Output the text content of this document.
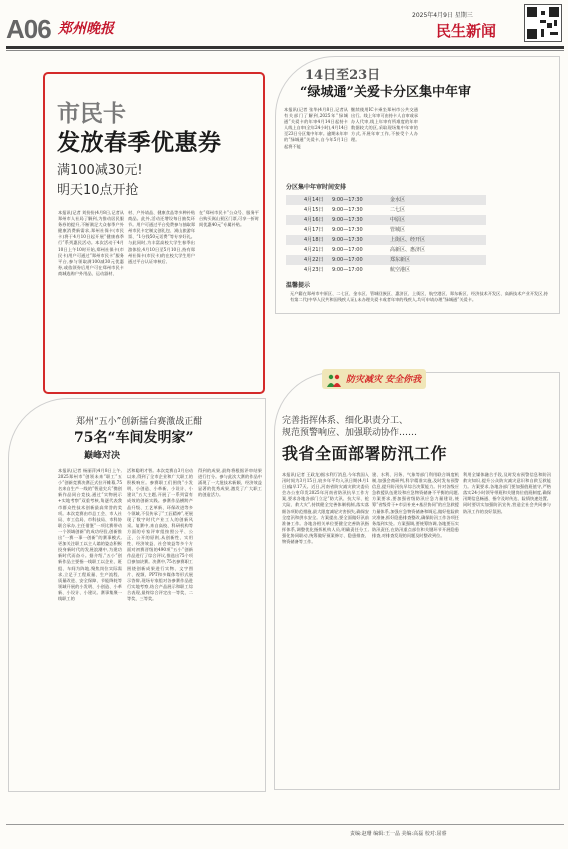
A06 郑州晚报
2025年4月9日 星期三
民生新闻
市民卡
发放春季优惠券
满100减30元!
明天10点开抢
本报讯(记者 刘扮扮)4月8日,记者从郑州市人社局了解到,为推动居民服务券的提升,不断满足大众春季户外健康消费新需求,郑州社保卡(市民卡)将于4月10日起开展“健康春季行”系列惠民活动。本次活动于4月10日上午10时开始,郑州社保卡(市民卡)用户可通过“郑州市民卡”服务平台,参与领取满100减30元优惠券,或依领券后用户可在郑州市民卡商城选购户外用品、运动器材、
材、户外请品、健康食品等多种补贴商品。此外,活动还增设每日抽奖环节。用户可通过平台免费参与抽取郑州市民卡定制文创礼包、嵩山旅游年票、“1分钱50元话费”等专享好礼。与此同时,为丰富高校大学生春季出游体验,4月10日至5月10日,持有郑州社保卡(市民卡)的在校大学生用户通过平台认证审核后,
在“郑州市民卡”公众号、服务平台购买嵩山景区门票,可享一折时间优惠40元”专属补贴。
14日至23日
“绿城通”关爱卡分区集中年审
本报讯(记者 张华)4月8日,记者从有关部门了解到,2025年“绿城通”关爱卡的年审4月14日起持卡人线上自审(全年24小时),4月14日至23日分区集中年审。逾期未年审的“绿城通”关爱卡,自今年5月1日起将不能
继续使用IC卡乘坐郑州市公共交通出行。线上年审可由持卡人自审或承办人代审,线上年审有所难度的年审数据较大的区,采取现场集中年审的方式,开展年审工作,不接受个人办理。
分区集中年审时间安排
4月14日	9:00—17:30	金水区
4月15日	9:00—17:30	二七区
4月16日	9:00—17:30	中原区
4月17日	9:00—17:30	管城区
4月18日	9:00—17:30	上街区、经开区
4月21日	9:00—17:00	高新区、惠济区
4月22日	9:00—17:00	郑东新区
4月23日	9:00—17:00	航空港区
温馨提示
无户籍在郑州市中原区、二七区、金水区、管城回族区、惠济区、上街区、航空港区、郑东新区、经济技术开发区、高新技术产业开发区,持有第二代(中华人民共和国残疾人证),未办理关爱卡或者年审的残疾人,均可申请办理“绿城通”关爱卡。
郑州“五小”创新擂台赛激战正酣
75名“车间发明家”
巅峰对决
本报讯(记者 杨丽萍)4月8日上午,2025郑州市“创领未来”职工“五小”创新竞赛决赛正式拉开帷幕,75名来自生产一线的“智造尖兵”携创新作品同台竞技,通过“实物展示+实地考察”双重考核,角逐代表我市群众性技术创新最高荣誉的奖项。本次竞赛由市总工会、市人社局、市工信局、市科技局、市科协联合承办,主任借鉴“一项比赛带动一个领域创新”的成功经验,创新推出“一赛一事一创新”的赛事模式,更加关注职工以主人翁的姿态积极投身新时代的发展浪潮中,为建功新时代而奋斗。据介绍,“五小”创新作品主要指一线职工以企业、班组、车间为阵地,聚焦岗位实际需求,立足于工程质量、生产流程、质量改进、安全保障、节能降耗等领域开展的小发明、小创造、小革新、小设计、小建议。赛事集聚一线职工的
活和聪明才智。本次竞赛自3月启动以来,得到了全市企业和广大职工的积极响应。参赛职工们围绕“小发明、小创造、小革新、小设计、小建议”五大主题,开展了一系列富有成效的创新实践。参赛作品横跨产品升级、工艺革新、环保改进等多个领域,不仅传承了“工匠精神”,更展现了数字时代产业工人的创新风采。复赛中,来自高校、科研机构等方面的专家评审组按照公平、公正、公开的原则,从创新性、实用性、经济效益、社会效益等多个方面对初赛晋级的490项“五小”创新作品进行了综合评议,推选出75个项目参加决赛。决赛中,75名参赛职工围绕创新成果进行实物、文字图片、视频、PPT和多媒体等形式展示答辩,现场专家组对各参赛作品进行实地考察,结合产品展示和职工综合表现,最终综合评定出一等奖、二等奖、三等奖。
得到的成果,最终将根据评审结果进行打分。参与此次大赛的作品中涌现了一大批技术新颖、经济效益显著的优秀成果,激发了广大职工的创造活力。
防灾减灾 安全你我
完善指挥体系、细化职责分工、
规范预警响应、加强联动协作……
我省全面部署防汛工作
本报讯(记者 王政龙)据水利厅消息,今年我国入汛时间为3月15日,较多年平均入汛日期(4月1日)偏早17天。近日,河南省防灾减灾救灾委员会办公室印发2025年河南省防汛抗旱工作方案,要求各地各部门立足“防大汛、抗大旱、抢大险、救大灾”,持续健全完善体制机制,落实落细各项防范措施,最大限度减轻灾害损失,确保安全度汛和供水安全。方案提出,要全面做好汛前准备工作。各地各相关单位要健全完善防汛指挥体系,调整优化指挥机构人员,明确责任分工,强化协同联动,统筹做好预案修订、隐患排查、物资储备等工作。
建、水利、河务、气象等部门利用联合调度机制,加强会商研判,科学精准实施,及时发布预警信息,提升防汛抗旱综合决策能力。针对各级应急救援队伍建设和应急物资储备不平衡的问题,方案要求,要加强省级防汛应急力量建设,统筹“省级骨干+市县补充+基层协同”的应急救援力量体系,加强应急物资储备和调运,做好抢险救灾准备,抓好隐患排查整改,确保防汛工作各项任务落到实处。方案强调,要统筹协调,各地要压实防汛责任,在防汛重点部位和关键环节开展隐患排查,对排查发现的问题及时整改到位。
利用全媒体融合手段,及时发布预警信息和防汛救灾知识,提升公众防灾减灾意识和自救互救能力。方案要求,各地各部门要加强值班值守,严格落实24小时领导带班和关键岗位值班制度,确保汛期信息畅通、指令及时传达、险情快速处置。同时要切实加强防汛宣传,营造全社会共同参与防汛工作的良好氛围。
责编:赵珊 编辑:王一晶 美编:高磊 校对:屈睿
